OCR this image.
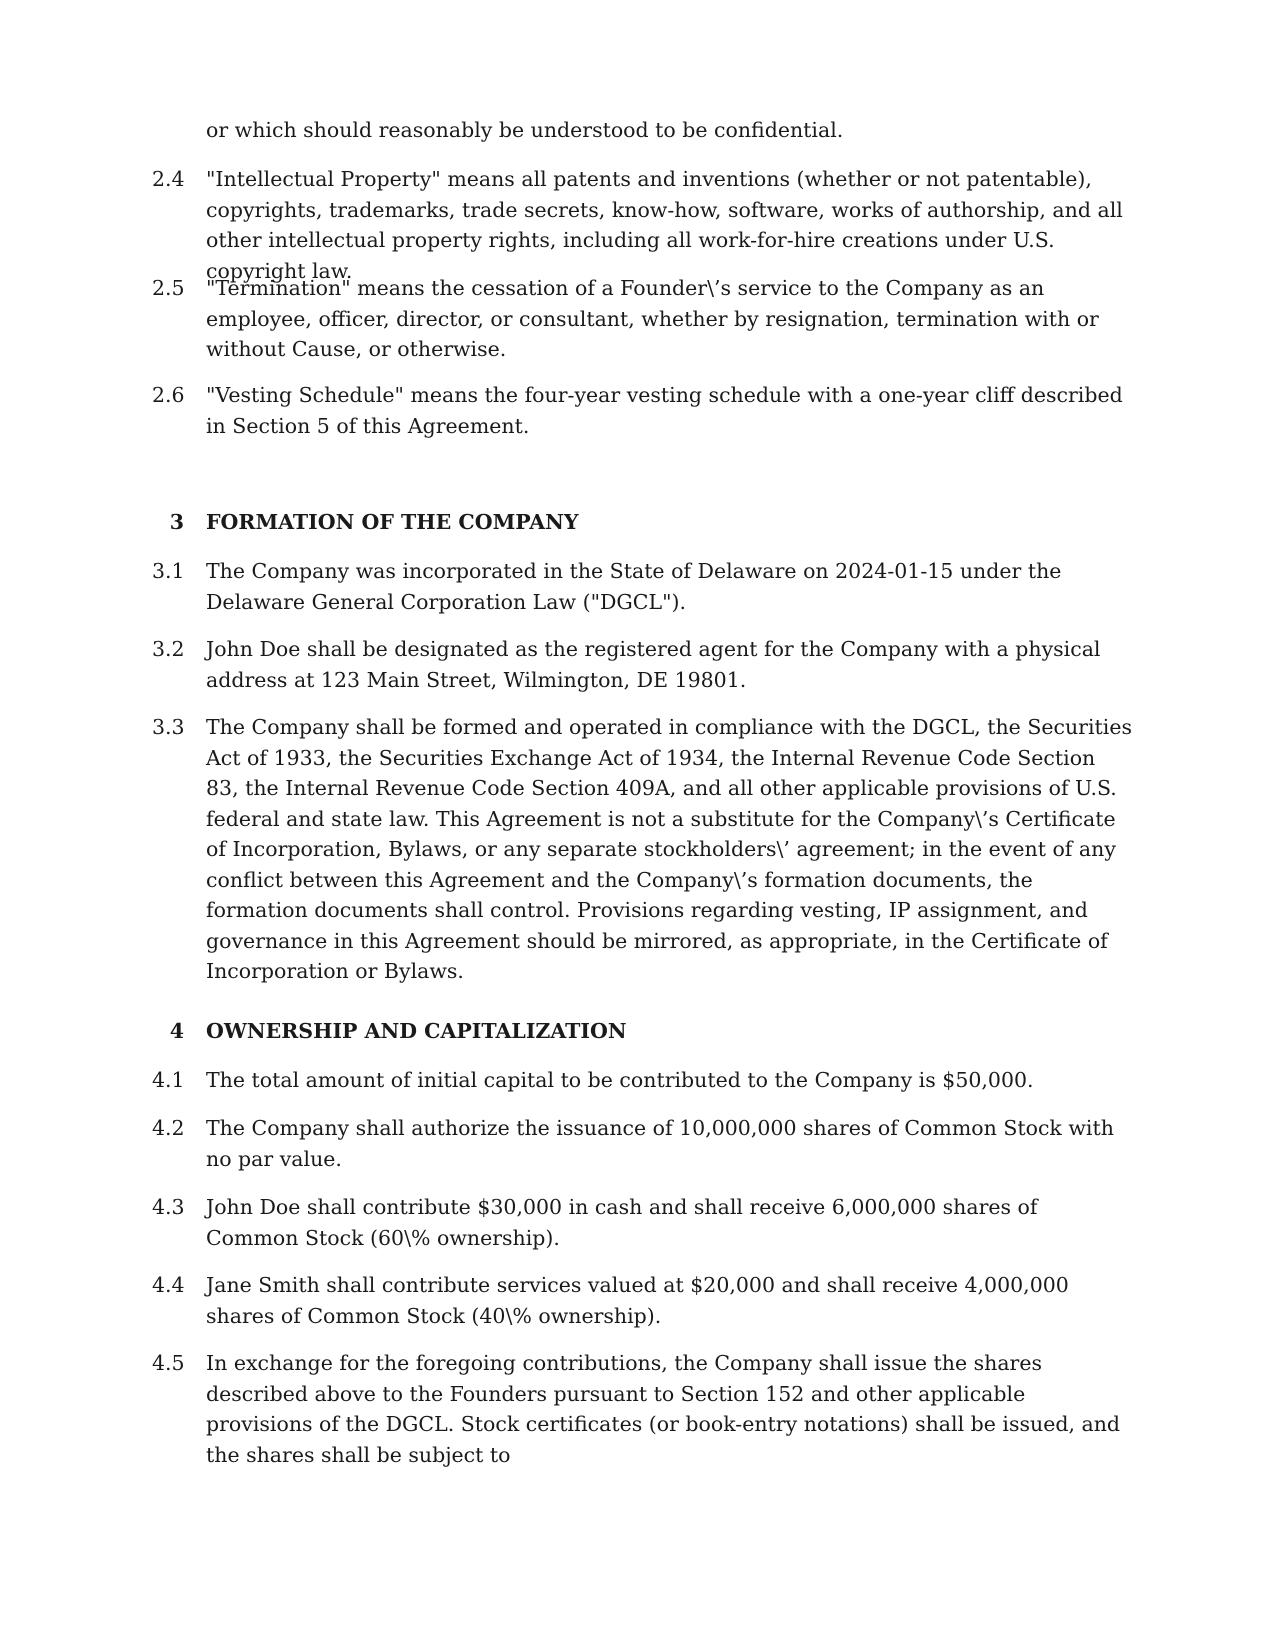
or which should reasonably be understood to be confidential.
2.4	"Intellectual Property" means all patents and inventions (whether or not patentable), copyrights, trademarks, trade secrets, know-how, software, works of authorship, and all other intellectual property rights, including all work-for-hire creations under U.S. copyright law.
2.5	"Termination" means the cessation of a Founder\’s service to the Company as an employee, officer, director, or consultant, whether by resignation, termination with or without Cause, or otherwise.
2.6	"Vesting Schedule" means the four-year vesting schedule with a one-year cliff described in Section 5 of this Agreement.
3 FORMATION OF THE COMPANY
3.1	The Company was incorporated in the State of Delaware on 2024-01-15 under the Delaware General Corporation Law ("DGCL").
3.2	John Doe shall be designated as the registered agent for the Company with a physical address at 123 Main Street, Wilmington, DE 19801.
3.3	The Company shall be formed and operated in compliance with the DGCL, the Securities Act of 1933, the Securities Exchange Act of 1934, the Internal Revenue Code Section 83, the Internal Revenue Code Section 409A, and all other applicable provisions of U.S. federal and state law. This Agreement is not a substitute for the Company\’s Certificate of Incorporation, Bylaws, or any separate stockholders\’ agreement; in the event of any conflict between this Agreement and the Company\’s formation documents, the formation documents shall control. Provisions regarding vesting, IP assignment, and governance in this Agreement should be mirrored, as appropriate, in the Certificate of Incorporation or Bylaws.
4 OWNERSHIP AND CAPITALIZATION
4.1	The total amount of initial capital to be contributed to the Company is $50,000.
4.2	The Company shall authorize the issuance of 10,000,000 shares of Common Stock with no par value.
4.3	John Doe shall contribute $30,000 in cash and shall receive 6,000,000 shares of Common Stock (60\% ownership).
4.4	Jane Smith shall contribute services valued at $20,000 and shall receive 4,000,000 shares of Common Stock (40\% ownership).
4.5	In exchange for the foregoing contributions, the Company shall issue the shares described above to the Founders pursuant to Section 152 and other applicable provisions of the DGCL. Stock certificates (or book-entry notations) shall be issued, and the shares shall be subject to
